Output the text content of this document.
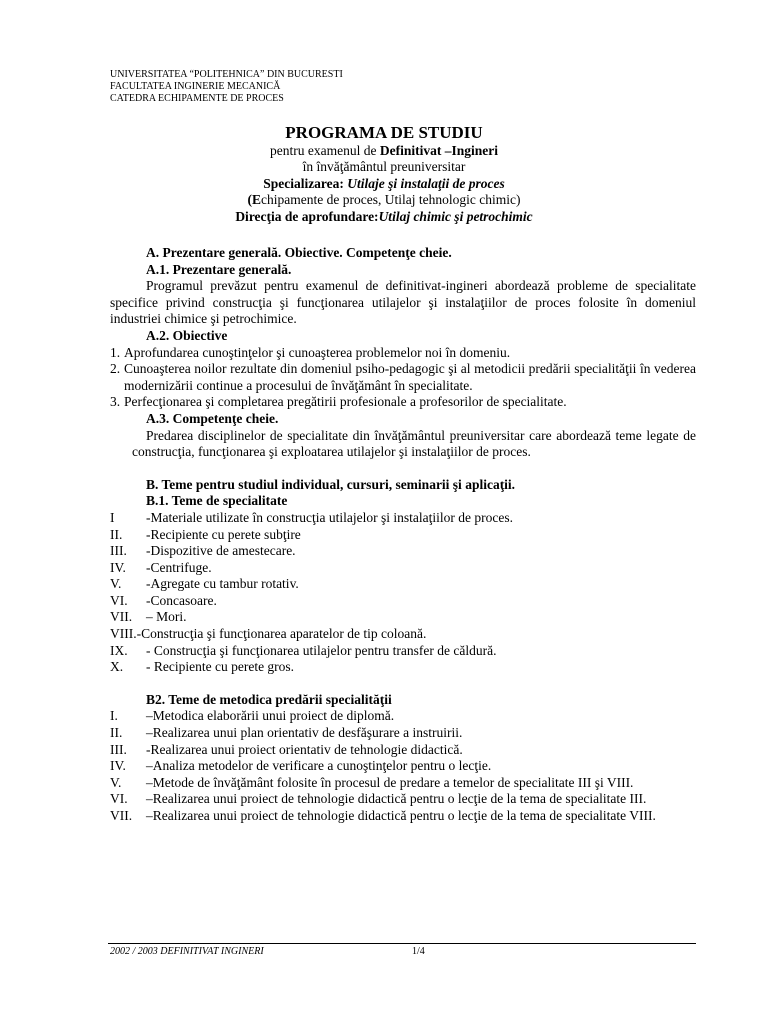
UNIVERSITATEA “POLITEHNICA” DIN BUCURESTI
FACULTATEA INGINERIE MECANICĂ
CATEDRA ECHIPAMENTE DE PROCES
PROGRAMA DE STUDIU
pentru examenul de Definitivat –Ingineri
în învăţământul preuniversitar
Specializarea: Utilaje şi instalaţii de proces
(Echipamente de proces, Utilaj tehnologic chimic)
Direcţia de aprofundare:Utilaj chimic şi petrochimic
A. Prezentare generală. Obiective. Competenţe cheie.
A.1. Prezentare generală.
Programul prevăzut pentru examenul de definitivat-ingineri abordează probleme de specialitate specifice privind construcţia şi funcţionarea utilajelor şi instalaţiilor de proces folosite în domeniul industriei chimice şi petrochimice.
A.2. Obiective
1. Aprofundarea cunoştinţelor şi cunoaşterea problemelor noi în domeniu.
2. Cunoaşterea noilor rezultate din domeniul psiho-pedagogic şi al metodicii predării specialităţii în vederea modernizării continue a procesului de învăţământ în specialitate.
3. Perfecţionarea şi completarea pregătirii profesionale a profesorilor de specialitate.
A.3. Competenţe cheie.
Predarea disciplinelor de specialitate din învăţământul preuniversitar care abordează teme legate de construcţia, funcţionarea şi exploatarea utilajelor şi instalaţiilor de proces.
B. Teme pentru studiul individual, cursuri, seminarii şi aplicaţii.
B.1. Teme de specialitate
I	-Materiale utilizate în construcţia utilajelor şi instalaţiilor de proces.
II.	-Recipiente cu perete subţire
III.	-Dispozitive de amestecare.
IV.	-Centrifuge.
V.	-Agregate cu tambur rotativ.
VI.	-Concasoare.
VII.	– Mori.
VIII. -Construcţia şi funcţionarea aparatelor de tip coloană.
IX.	- Construcţia şi funcţionarea utilajelor pentru transfer de căldură.
X.	- Recipiente cu perete gros.
B2. Teme de metodica predării specialităţii
I.	–Metodica elaborării unui proiect de diplomă.
II.	–Realizarea unui plan orientativ de desfăşurare a instruirii.
III.	-Realizarea unui proiect orientativ de tehnologie didactică.
IV.	–Analiza metodelor de verificare a cunoştinţelor pentru o lecţie.
V.	–Metode de învăţământ folosite în procesul de predare a temelor de specialitate III şi VIII.
VI.	–Realizarea unui proiect de tehnologie didactică pentru o lecţie de la tema de specialitate III.
VII.	–Realizarea unui proiect de tehnologie didactică pentru o lecţie de la tema de specialitate VIII.
2002 / 2003 DEFINITIVAT INGINERI	1/4
